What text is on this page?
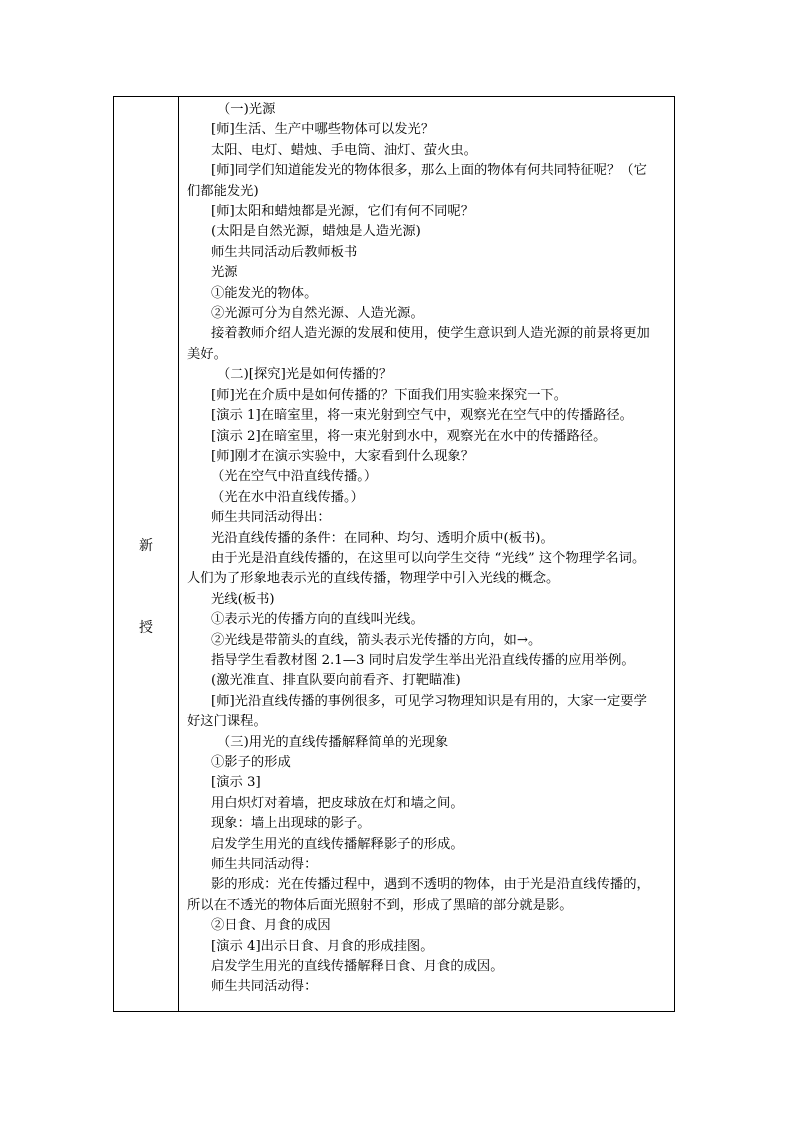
新
授
（一)光源
[师]生活、生产中哪些物体可以发光？
太阳、电灯、蜡烛、手电筒、油灯、萤火虫。
[师]同学们知道能发光的物体很多，那么上面的物体有何共同特征呢？（它
们都能发光)
[师]太阳和蜡烛都是光源，它们有何不同呢？
(太阳是自然光源，蜡烛是人造光源)
师生共同活动后教师板书
光源
①能发光的物体。
②光源可分为自然光源、人造光源。
接着教师介绍人造光源的发展和使用，使学生意识到人造光源的前景将更加
美好。
（二)[探究]光是如何传播的？
[师]光在介质中是如何传播的？下面我们用实验来探究一下。
[演示 1]在暗室里，将一束光射到空气中，观察光在空气中的传播路径。
[演示 2]在暗室里，将一束光射到水中，观察光在水中的传播路径。
[师]刚才在演示实验中，大家看到什么现象？
（光在空气中沿直线传播。）
（光在水中沿直线传播。）
师生共同活动得出：
光沿直线传播的条件：在同种、均匀、透明介质中(板书)。
由于光是沿直线传播的，在这里可以向学生交待 “光线” 这个物理学名词。
人们为了形象地表示光的直线传播，物理学中引入光线的概念。
光线(板书)
①表示光的传播方向的直线叫光线。
②光线是带箭头的直线，箭头表示光传播的方向，如→。
指导学生看教材图 2.1—3 同时启发学生举出光沿直线传播的应用举例。
(激光准直、排直队要向前看齐、打靶瞄准)
[师]光沿直线传播的事例很多，可见学习物理知识是有用的，大家一定要学
好这门课程。
（三)用光的直线传播解释简单的光现象
①影子的形成
[演示 3]
用白炽灯对着墙，把皮球放在灯和墙之间。
现象：墙上出现球的影子。
启发学生用光的直线传播解释影子的形成。
师生共同活动得：
影的形成：光在传播过程中，遇到不透明的物体，由于光是沿直线传播的，
所以在不透光的物体后面光照射不到，形成了黑暗的部分就是影。
②日食、月食的成因
[演示 4]出示日食、月食的形成挂图。
启发学生用光的直线传播解释日食、月食的成因。
师生共同活动得：
